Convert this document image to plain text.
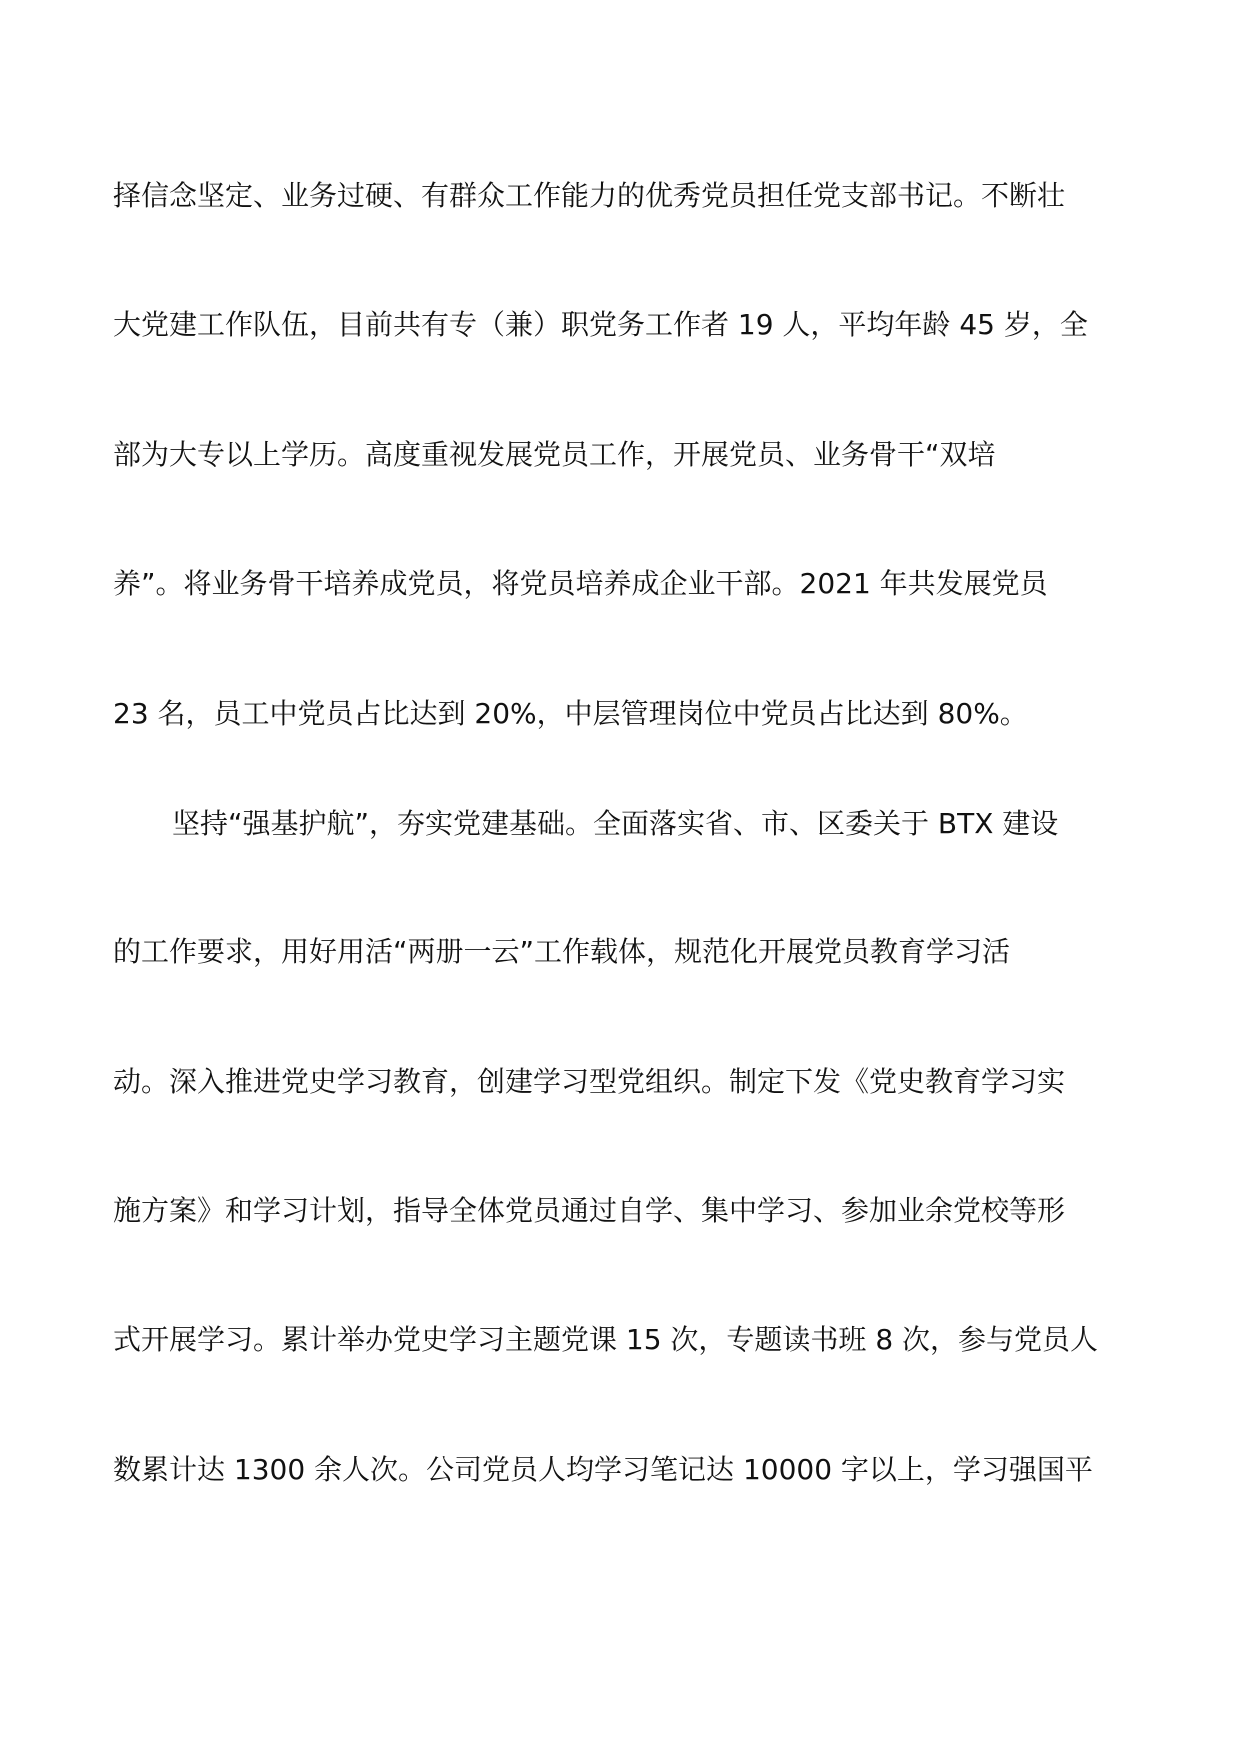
择信念坚定、业务过硬、有群众工作能力的优秀党员担任党支部书记。不断壮
大党建工作队伍，目前共有专（兼）职党务工作者 19 人，平均年龄 45 岁，全
部为大专以上学历。高度重视发展党员工作，开展党员、业务骨干“双培
养”。将业务骨干培养成党员，将党员培养成企业干部。2021 年共发展党员
23 名，员工中党员占比达到 20%，中层管理岗位中党员占比达到 80%。
坚持“强基护航”，夯实党建基础。全面落实省、市、区委关于 BTX 建设
的工作要求，用好用活“两册一云”工作载体，规范化开展党员教育学习活
动。深入推进党史学习教育，创建学习型党组织。制定下发《党史教育学习实
施方案》和学习计划，指导全体党员通过自学、集中学习、参加业余党校等形
式开展学习。累计举办党史学习主题党课 15 次，专题读书班 8 次，参与党员人
数累计达 1300 余人次。公司党员人均学习笔记达 10000 字以上，学习强国平
